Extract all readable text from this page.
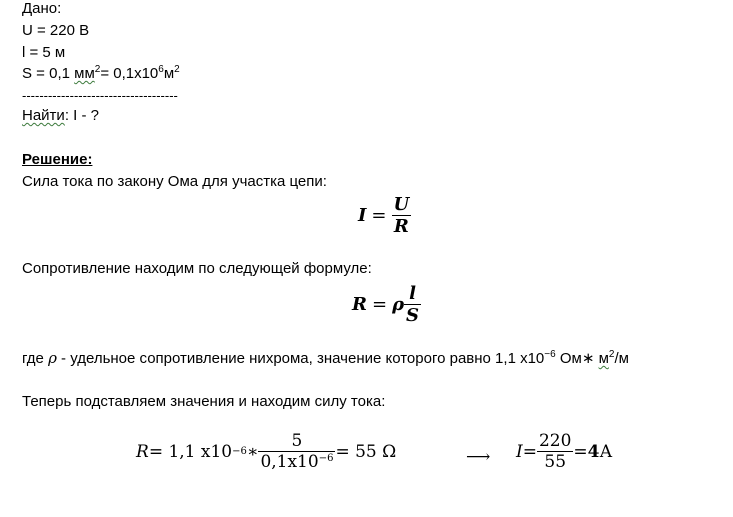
Дано:
U = 220 В
l = 5 м
S = 0,1 $мм^2= 0,1х10^6м^2$
------------------------------------
Найти: I - ?
Решение:
Сила тока по закону Ома для участка цепи:
$I = \frac{U}{R}$
Сопротивление находим по следующей формуле:
R = ρ $\frac{l}{S}$
где ρ - удельное сопротивление нихрома, значение которого равно 1,1 $х10^{-6}$ Ом∗ $м^2/м$
Теперь подставляем значения и находим силу тока:
R = 1,1 х10 −6 ∗ $\frac{5}{0,1х10^{-6}} = 55$ Ω	⟶ $I = \frac{220}{55} = 4$ А
